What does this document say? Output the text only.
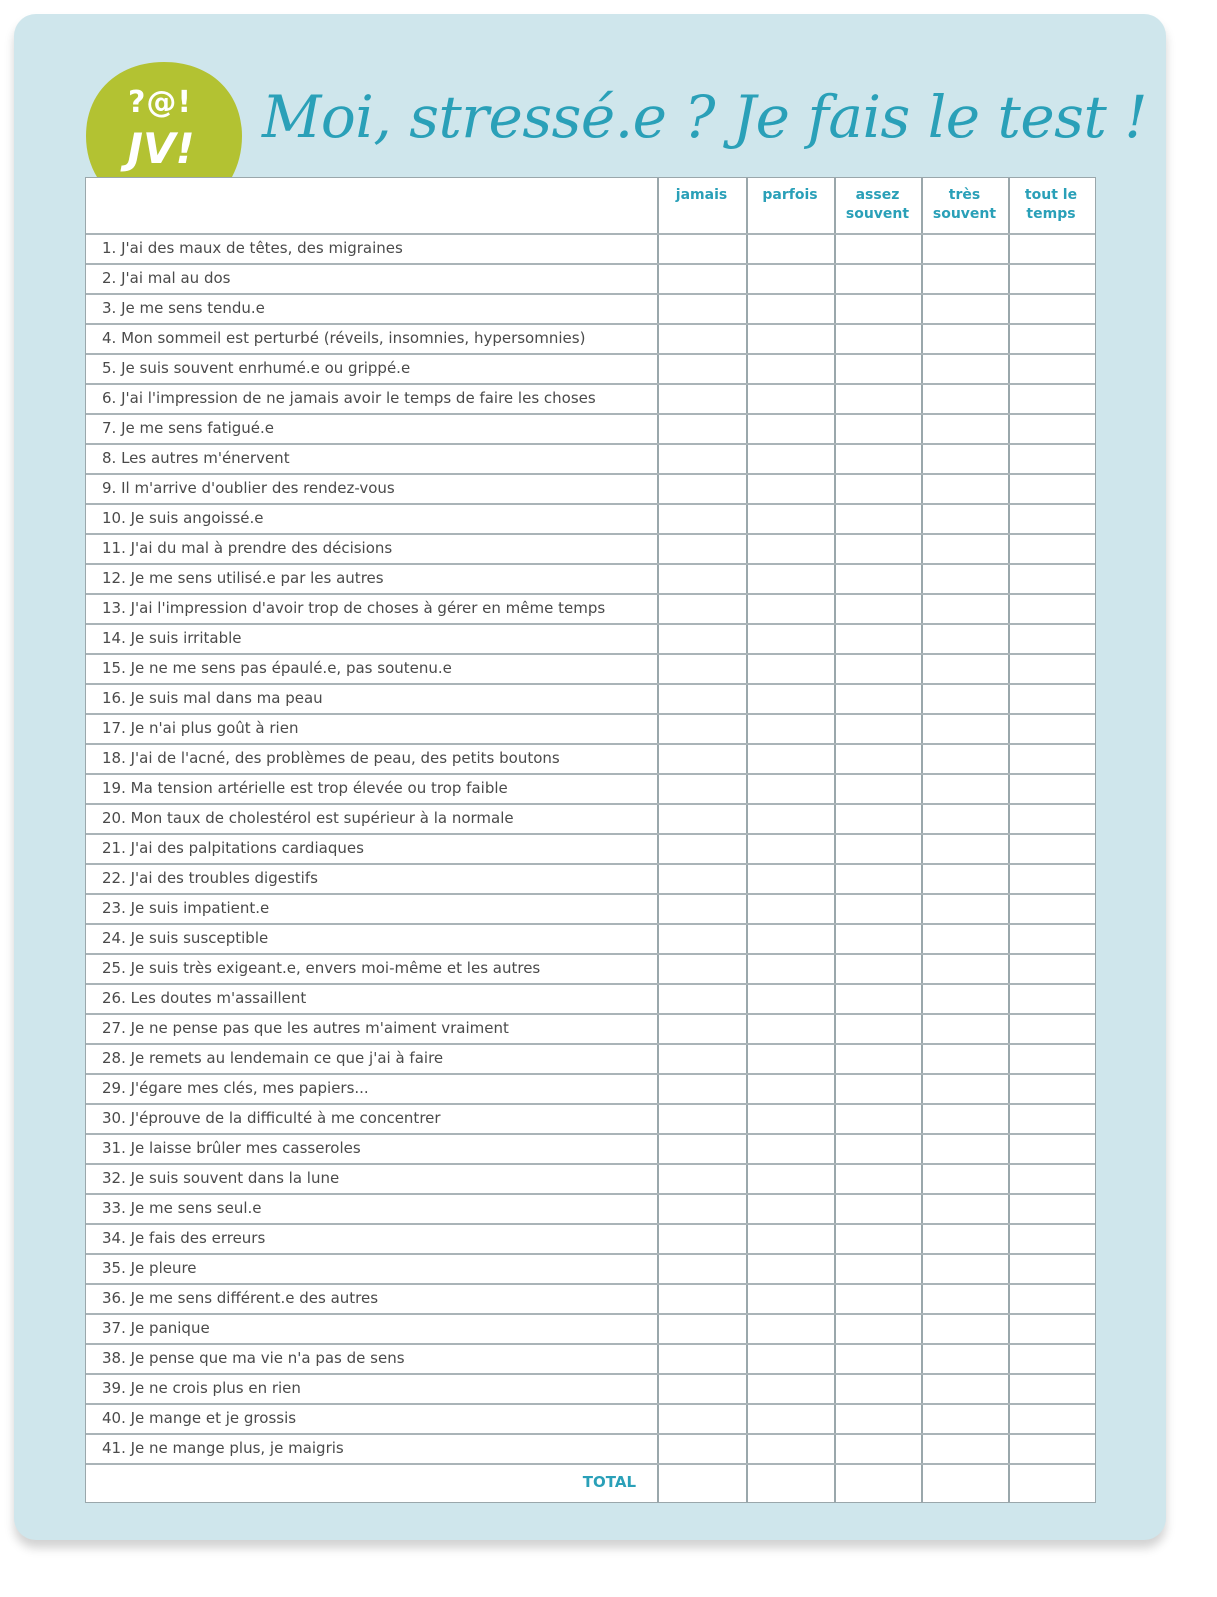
?@!
JV! Moi, stressé.e ? Je fais le test !
jamais	parfois	assez
souvent
très
souvent
tout le
temps
1. J'ai des maux de têtes, des migraines
2. J'ai mal au dos
3. Je me sens tendu.e
4. Mon sommeil est perturbé (réveils, insomnies, hypersomnies)
5. Je suis souvent enrhumé.e ou grippé.e
6. J'ai l'impression de ne jamais avoir le temps de faire les choses
7. Je me sens fatigué.e
8. Les autres m'énervent
9. Il m'arrive d'oublier des rendez-vous
10. Je suis angoissé.e
11. J'ai du mal à prendre des décisions
12. Je me sens utilisé.e par les autres
13. J'ai l'impression d'avoir trop de choses à gérer en même temps
14. Je suis irritable
15. Je ne me sens pas épaulé.e, pas soutenu.e
16. Je suis mal dans ma peau
17. Je n'ai plus goût à rien
18. J'ai de l'acné, des problèmes de peau, des petits boutons
19. Ma tension artérielle est trop élevée ou trop faible
20. Mon taux de cholestérol est supérieur à la normale
21. J'ai des palpitations cardiaques
22. J'ai des troubles digestifs
23. Je suis impatient.e
24. Je suis susceptible
25. Je suis très exigeant.e, envers moi-même et les autres
26. Les doutes m'assaillent
27. Je ne pense pas que les autres m'aiment vraiment
28. Je remets au lendemain ce que j'ai à faire
29. J'égare mes clés, mes papiers...
30. J'éprouve de la difficulté à me concentrer
31. Je laisse brûler mes casseroles
32. Je suis souvent dans la lune
33. Je me sens seul.e
34. Je fais des erreurs
35. Je pleure
36. Je me sens différent.e des autres
37. Je panique
38. Je pense que ma vie n'a pas de sens
39. Je ne crois plus en rien
40. Je mange et je grossis
41. Je ne mange plus, je maigris
TOTAL
